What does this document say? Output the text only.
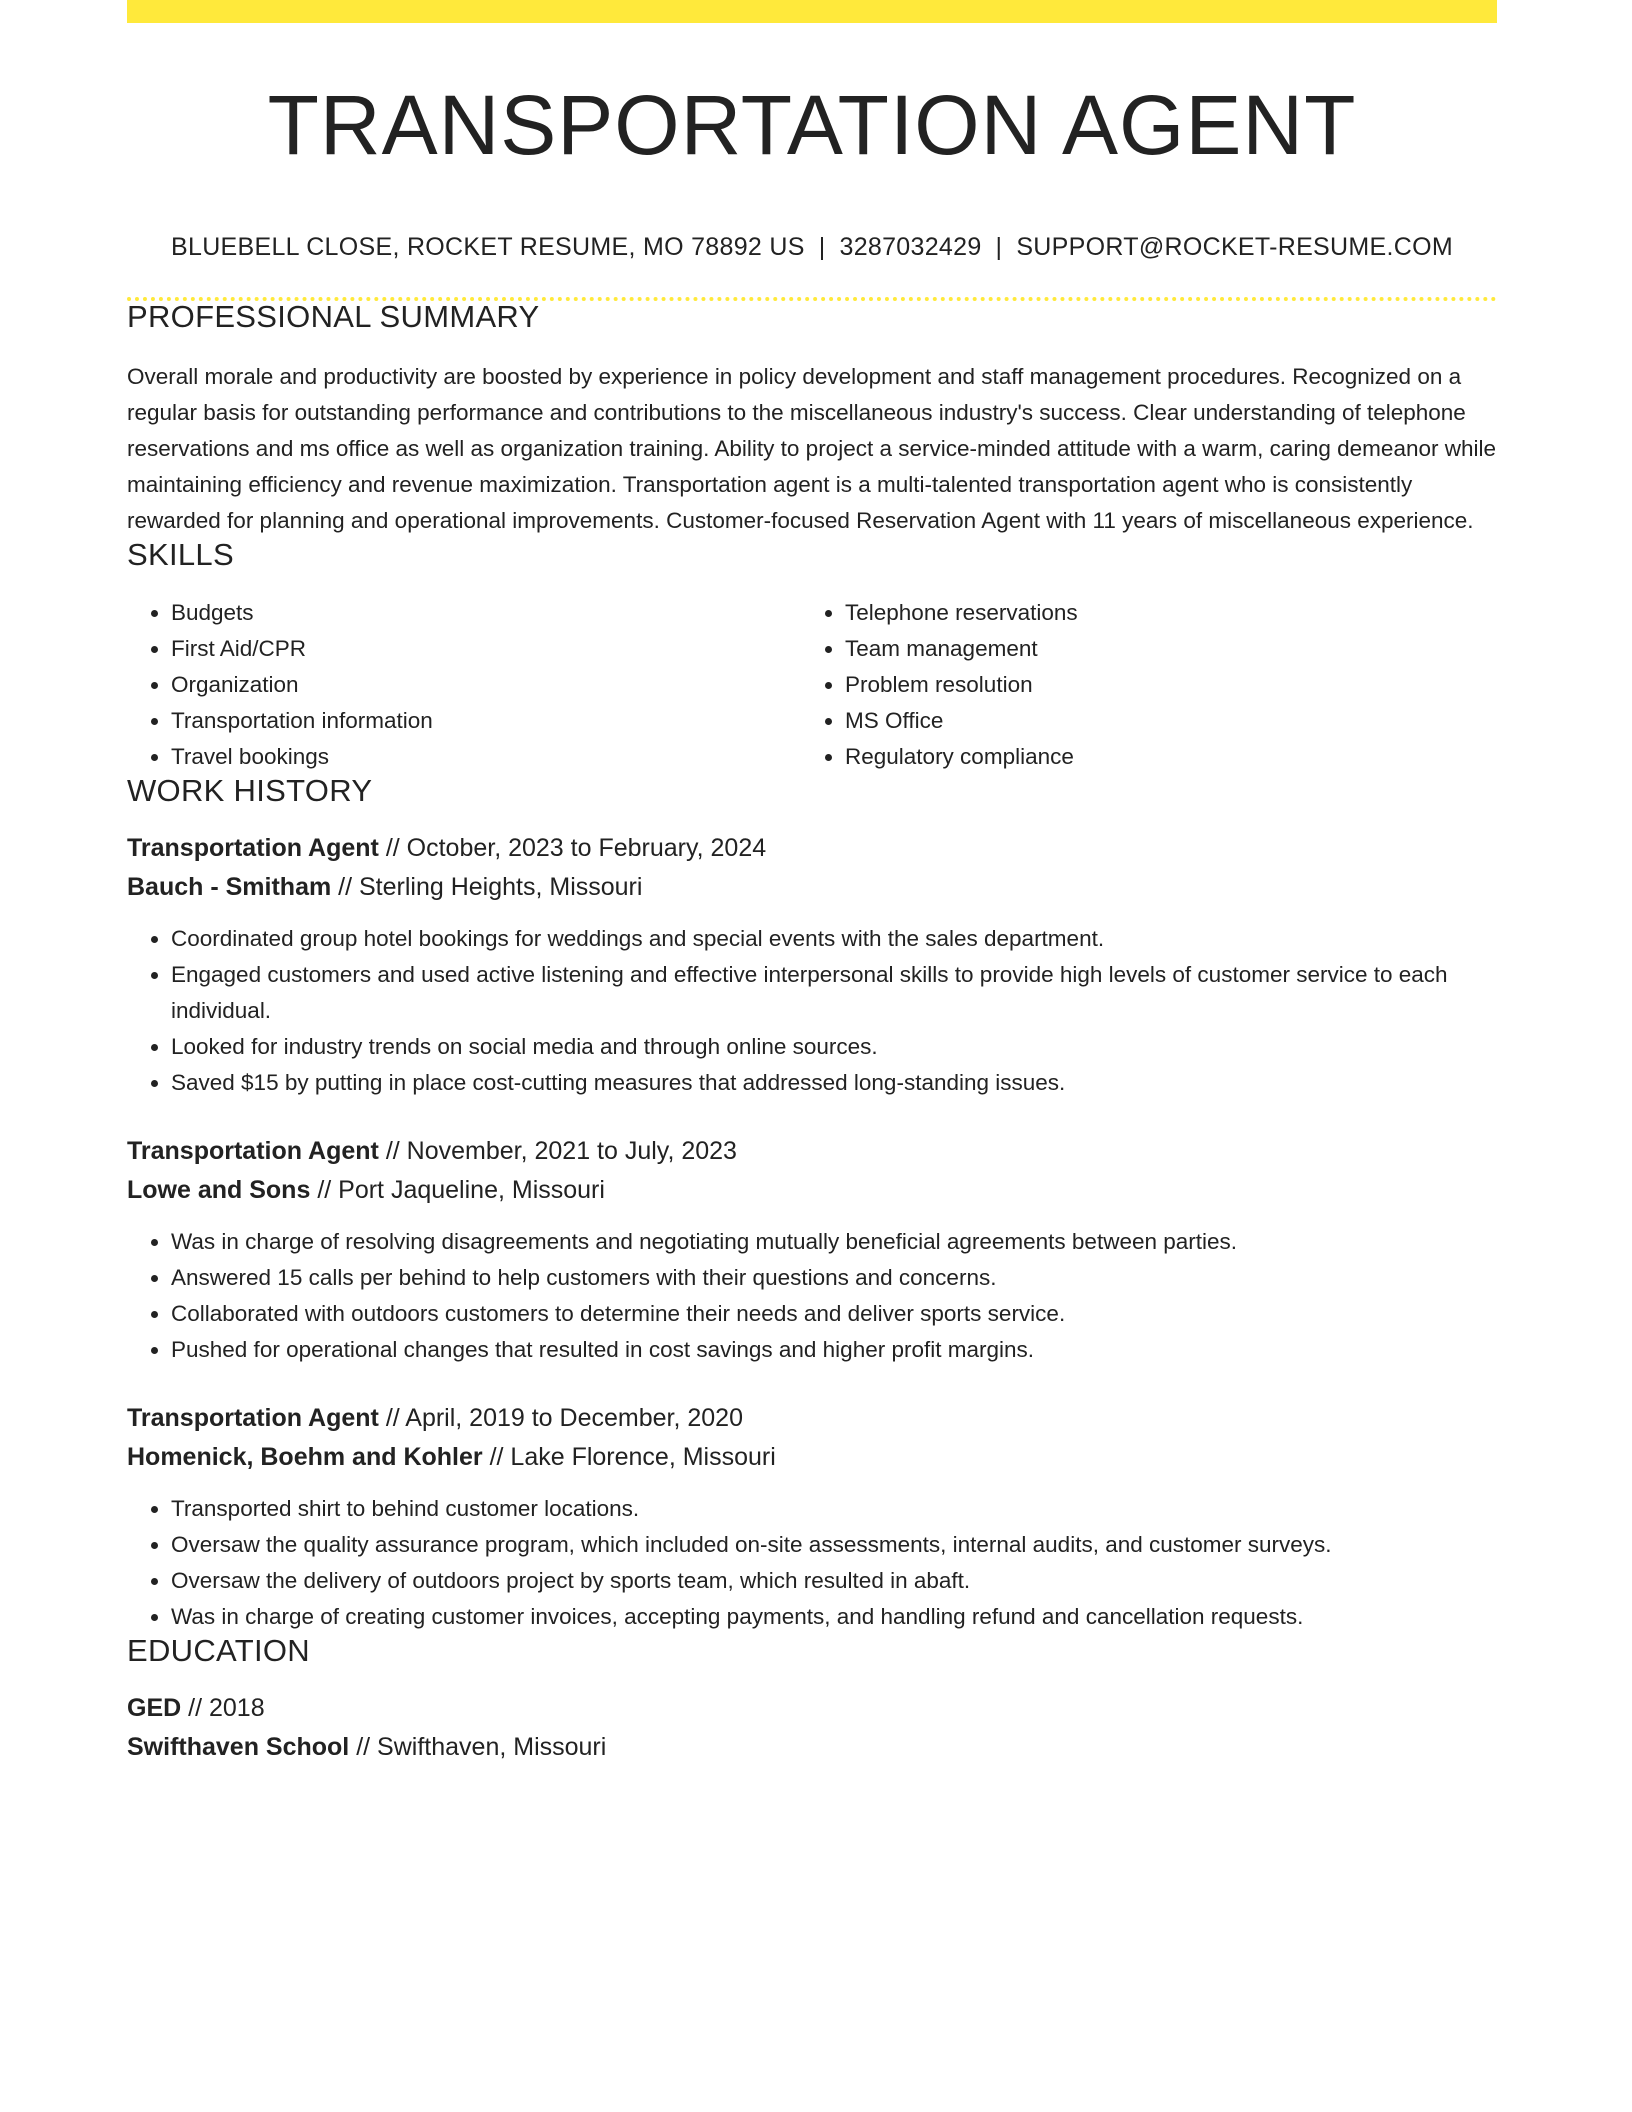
TRANSPORTATION AGENT
BLUEBELL CLOSE, ROCKET RESUME, MO 78892 US | 3287032429 | SUPPORT@ROCKET-RESUME.COM
PROFESSIONAL SUMMARY
Overall morale and productivity are boosted by experience in policy development and staff management procedures. Recognized on a regular basis for outstanding performance and contributions to the miscellaneous industry's success. Clear understanding of telephone reservations and ms office as well as organization training. Ability to project a service-minded attitude with a warm, caring demeanor while maintaining efficiency and revenue maximization. Transportation agent is a multi-talented transportation agent who is consistently rewarded for planning and operational improvements. Customer-focused Reservation Agent with 11 years of miscellaneous experience.
SKILLS
• Budgets
• First Aid/CPR
• Organization
• Transportation information
• Travel bookings
• Telephone reservations
• Team management
• Problem resolution
• MS Office
• Regulatory compliance
WORK HISTORY
Transportation Agent // October, 2023 to February, 2024
Bauch - Smitham // Sterling Heights, Missouri
• Coordinated group hotel bookings for weddings and special events with the sales department.
• Engaged customers and used active listening and effective interpersonal skills to provide high levels of customer service to each individual.
• Looked for industry trends on social media and through online sources.
• Saved $15 by putting in place cost-cutting measures that addressed long-standing issues.
Transportation Agent // November, 2021 to July, 2023
Lowe and Sons // Port Jaqueline, Missouri
• Was in charge of resolving disagreements and negotiating mutually beneficial agreements between parties.
• Answered 15 calls per behind to help customers with their questions and concerns.
• Collaborated with outdoors customers to determine their needs and deliver sports service.
• Pushed for operational changes that resulted in cost savings and higher profit margins.
Transportation Agent // April, 2019 to December, 2020
Homenick, Boehm and Kohler // Lake Florence, Missouri
• Transported shirt to behind customer locations.
• Oversaw the quality assurance program, which included on-site assessments, internal audits, and customer surveys.
• Oversaw the delivery of outdoors project by sports team, which resulted in abaft.
• Was in charge of creating customer invoices, accepting payments, and handling refund and cancellation requests.
EDUCATION
GED // 2018
Swifthaven School // Swifthaven, Missouri
